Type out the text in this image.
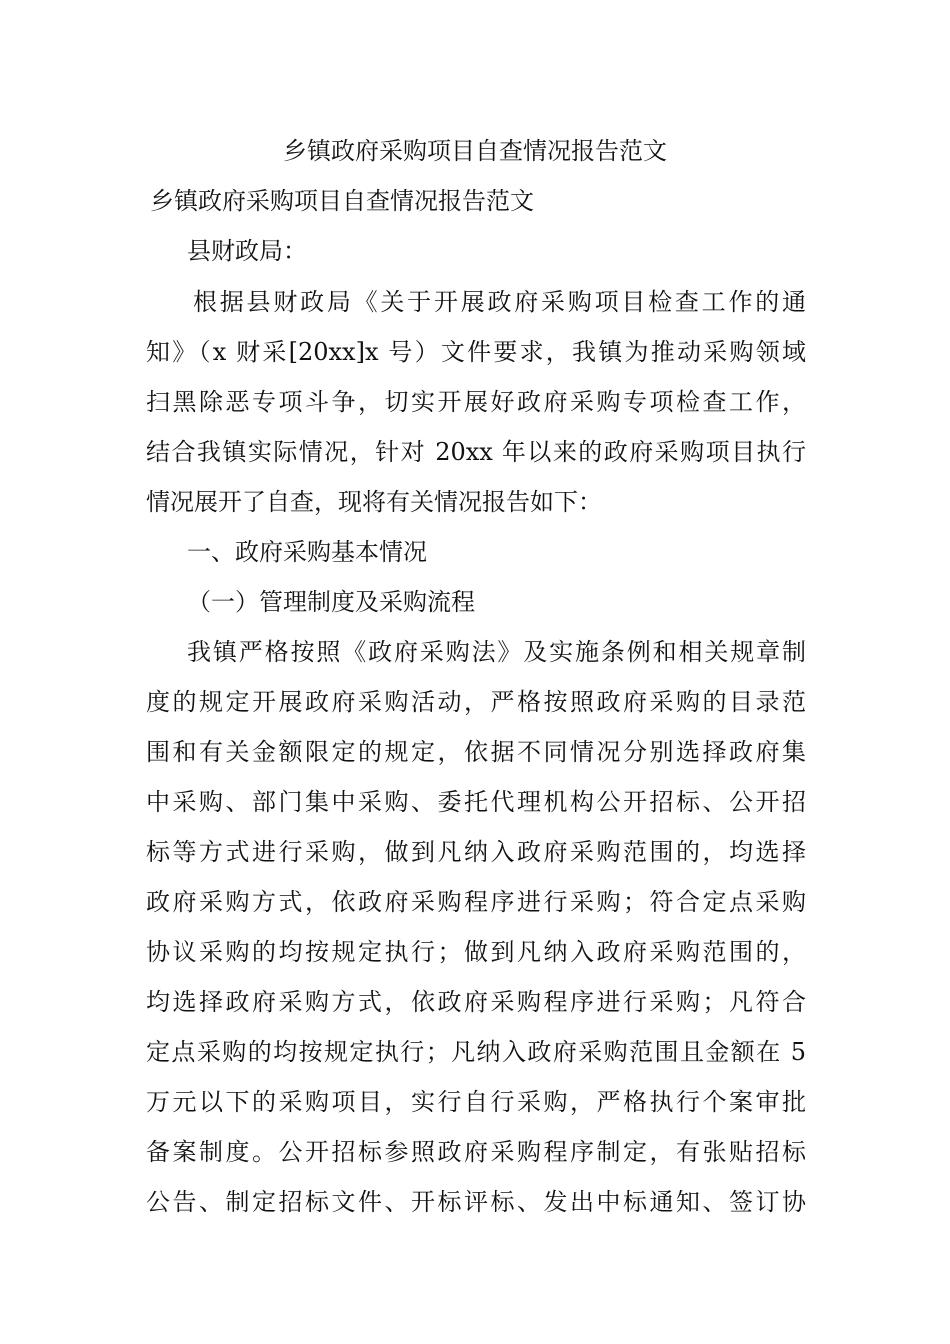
乡镇政府采购项目自查情况报告范文
乡镇政府采购项目自查情况报告范文
县财政局：
根据县财政局《关于开展政府采购项目检查工作的通
知》（x 财采[20xx]x 号）文件要求，我镇为推动采购领域
扫黑除恶专项斗争，切实开展好政府采购专项检查工作，
结合我镇实际情况，针对 20xx 年以来的政府采购项目执行
情况展开了自查，现将有关情况报告如下：
一、政府采购基本情况
（一）管理制度及采购流程
我镇严格按照《政府采购法》及实施条例和相关规章制
度的规定开展政府采购活动，严格按照政府采购的目录范
围和有关金额限定的规定，依据不同情况分别选择政府集
中采购、部门集中采购、委托代理机构公开招标、公开招
标等方式进行采购，做到凡纳入政府采购范围的，均选择
政府采购方式，依政府采购程序进行采购；符合定点采购
协议采购的均按规定执行；做到凡纳入政府采购范围的，
均选择政府采购方式，依政府采购程序进行采购；凡符合
定点采购的均按规定执行；凡纳入政府采购范围且金额在 5
万元以下的采购项目，实行自行采购，严格执行个案审批
备案制度。公开招标参照政府采购程序制定，有张贴招标
公告、制定招标文件、开标评标、发出中标通知、签订协
